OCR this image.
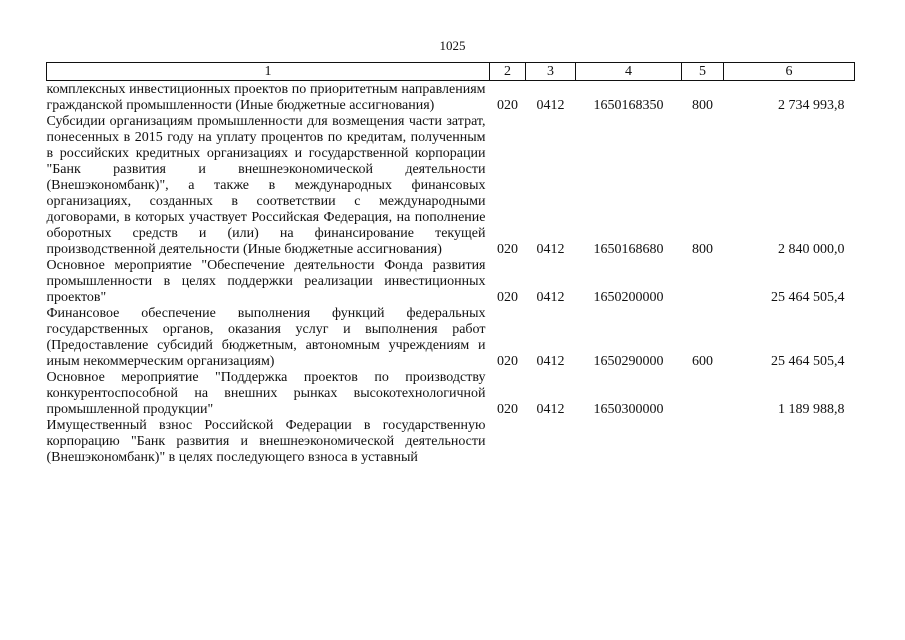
1025
1	2	3	4	5	6
комплексных инвестиционных проектов по приоритетным направлениям гражданской промышленности (Иные бюджетные ассигнования)	020	0412	1650168350	800	2 734 993,8
Субсидии организациям промышленности для возмещения части затрат, понесенных в 2015 году на уплату процентов по кредитам, полученным в российских кредитных организациях и государственной корпорации "Банк развития и внешнеэкономической деятельности (Внешэкономбанк)", а также в международных финансовых организациях, созданных в соответствии с международными договорами, в которых участвует Российская Федерация, на пополнение оборотных средств и (или) на финансирование текущей производственной деятельности (Иные бюджетные ассигнования)	020	0412	1650168680	800	2 840 000,0
Основное мероприятие "Обеспечение деятельности Фонда развития промышленности в целях поддержки реализации инвестиционных проектов"	020	0412	1650200000		25 464 505,4
Финансовое обеспечение выполнения функций федеральных государственных органов, оказания услуг и выполнения работ (Предоставление субсидий бюджетным, автономным учреждениям и иным некоммерческим организациям)	020	0412	1650290000	600	25 464 505,4
Основное мероприятие "Поддержка проектов по производству конкурентоспособной на внешних рынках высокотехнологичной промышленной продукции"	020	0412	1650300000		1 189 988,8
Имущественный взнос Российской Федерации в государственную корпорацию "Банк развития и внешнеэкономической деятельности (Внешэкономбанк)" в целях последующего взноса в уставный					
